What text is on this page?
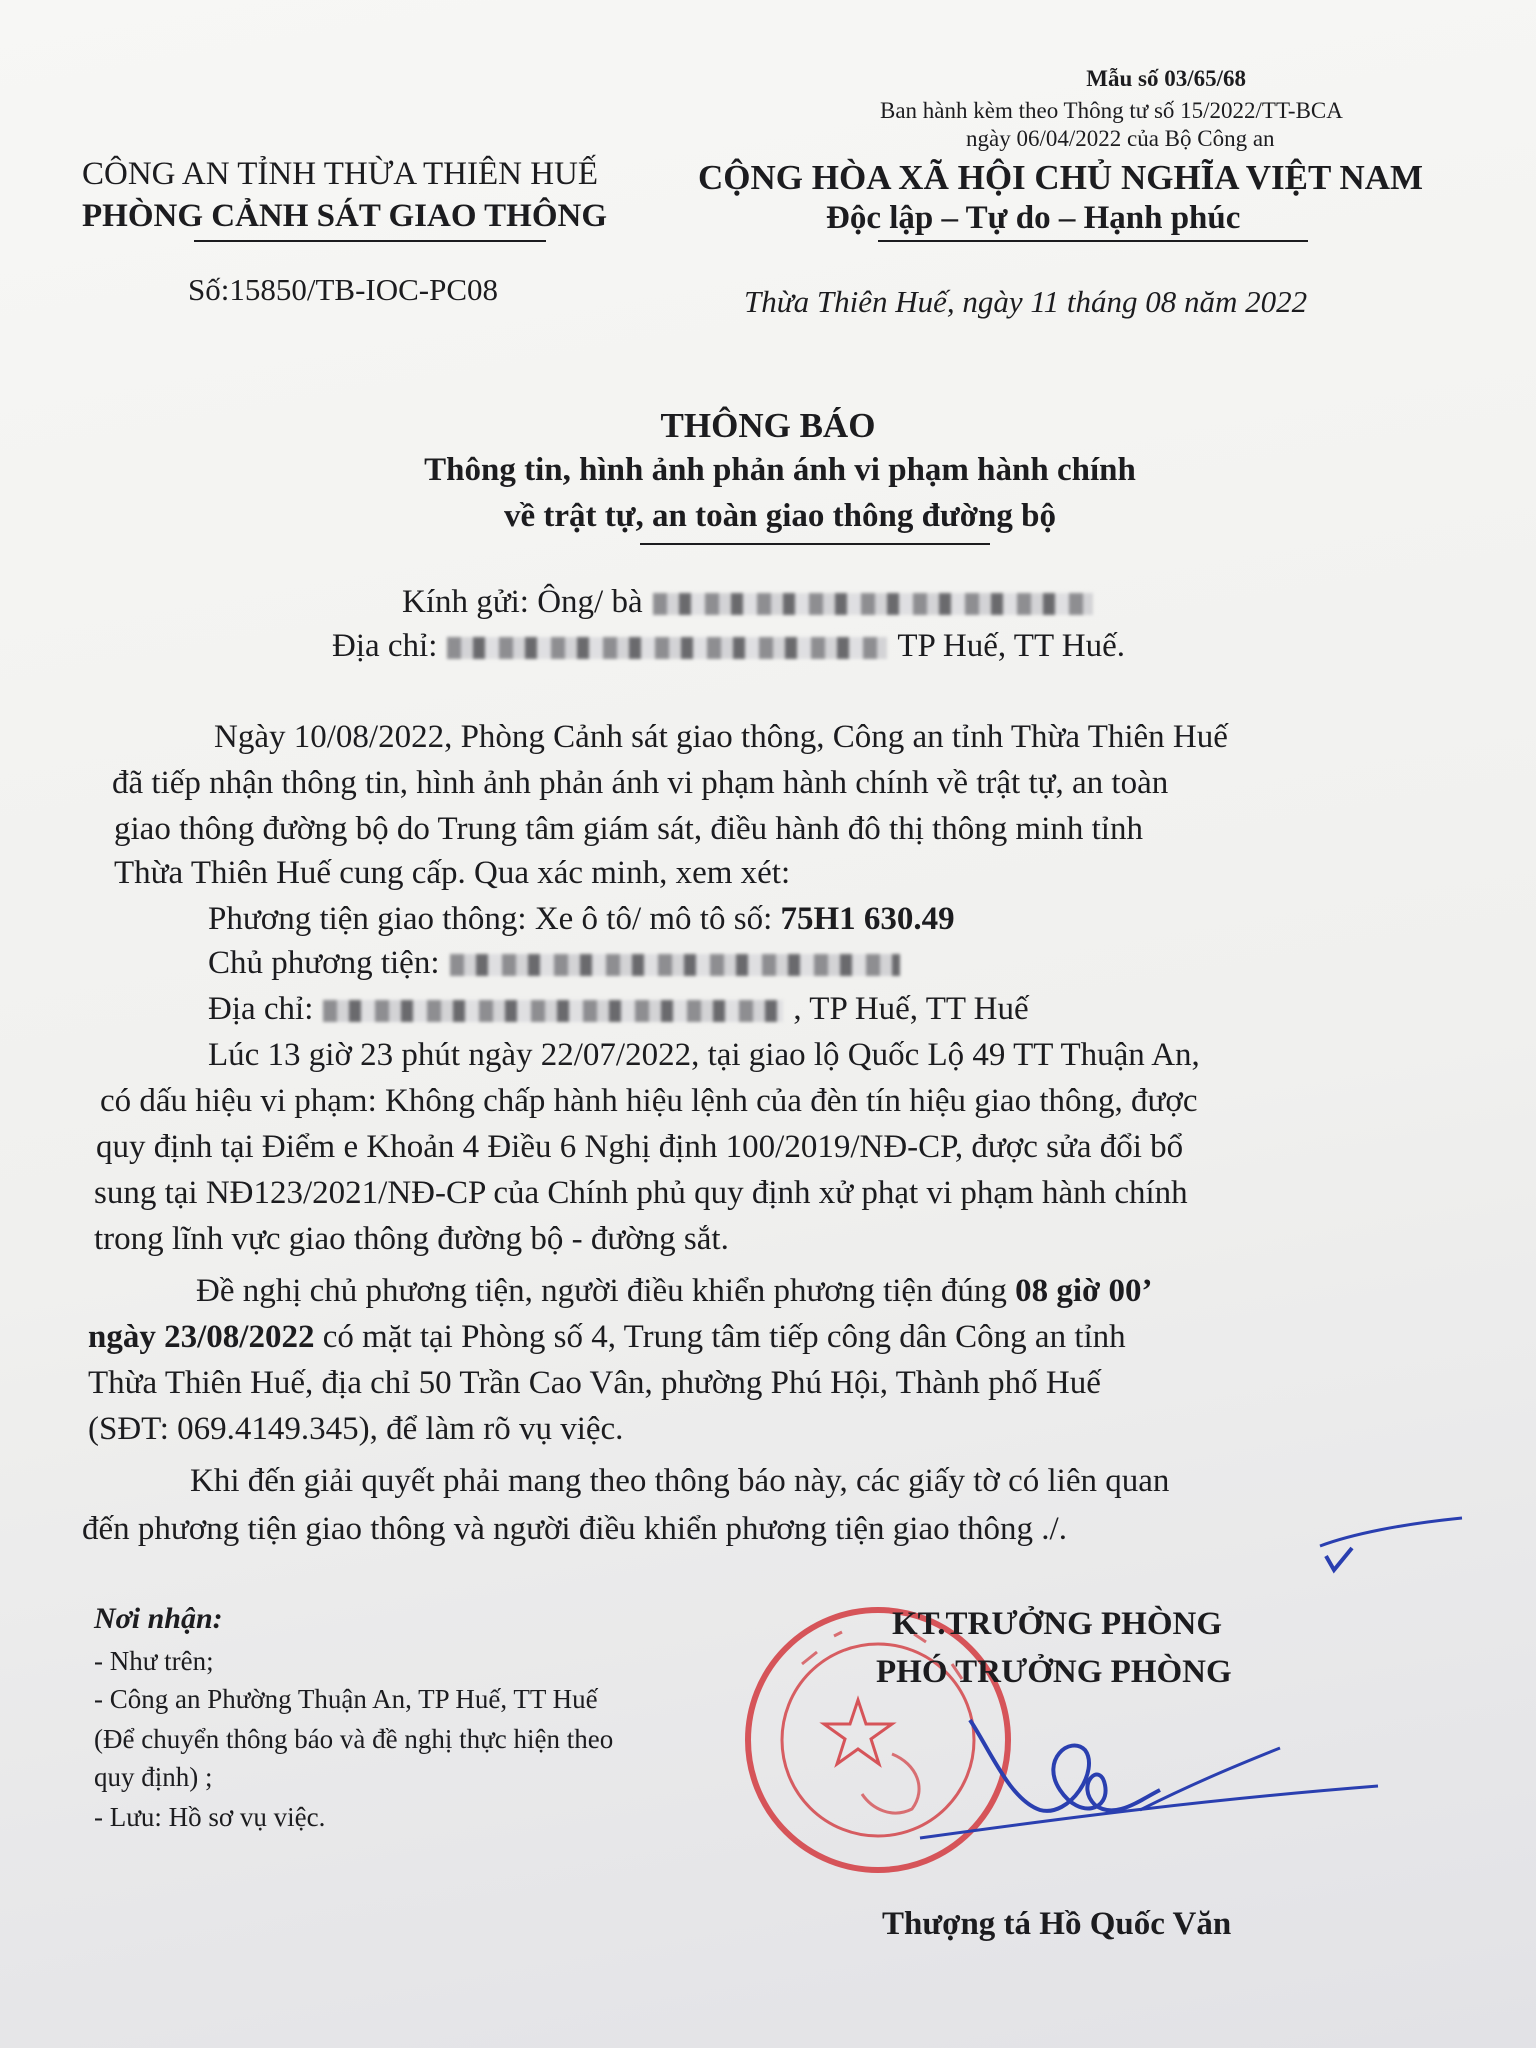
Mẫu số 03/65/68
Ban hành kèm theo Thông tư số 15/2022/TT-BCA
ngày 06/04/2022 của Bộ Công an
CÔNG AN TỈNH THỪA THIÊN HUẾ
PHÒNG CẢNH SÁT GIAO THÔNG
Số:15850/TB-IOC-PC08
CỘNG HÒA XÃ HỘI CHỦ NGHĨA VIỆT NAM
Độc lập – Tự do – Hạnh phúc
Thừa Thiên Huế, ngày 11 tháng 08 năm 2022
THÔNG BÁO
Thông tin, hình ảnh phản ánh vi phạm hành chính
về trật tự, an toàn giao thông đường bộ
Kính gửi: Ông/ bà
Địa chỉ:	TP Huế, TT Huế.
Ngày 10/08/2022, Phòng Cảnh sát giao thông, Công an tỉnh Thừa Thiên Huế
đã tiếp nhận thông tin, hình ảnh phản ánh vi phạm hành chính về trật tự, an toàn
giao thông đường bộ do Trung tâm giám sát, điều hành đô thị thông minh tỉnh
Thừa Thiên Huế cung cấp. Qua xác minh, xem xét:
Phương tiện giao thông: Xe ô tô/ mô tô số: 75H1 630.49
Chủ phương tiện:
Địa chỉ:	, TP Huế, TT Huế
Lúc 13 giờ 23 phút ngày 22/07/2022, tại giao lộ Quốc Lộ 49 TT Thuận An,
có dấu hiệu vi phạm: Không chấp hành hiệu lệnh của đèn tín hiệu giao thông, được
quy định tại Điểm e Khoản 4 Điều 6 Nghị định 100/2019/NĐ-CP, được sửa đổi bổ
sung tại NĐ123/2021/NĐ-CP của Chính phủ quy định xử phạt vi phạm hành chính
trong lĩnh vực giao thông đường bộ - đường sắt.
Đề nghị chủ phương tiện, người điều khiển phương tiện đúng 08 giờ 00’
ngày 23/08/2022 có mặt tại Phòng số 4, Trung tâm tiếp công dân Công an tỉnh
Thừa Thiên Huế, địa chỉ 50 Trần Cao Vân, phường Phú Hội, Thành phố Huế
(SĐT: 069.4149.345), để làm rõ vụ việc.
Khi đến giải quyết phải mang theo thông báo này, các giấy tờ có liên quan
đến phương tiện giao thông và người điều khiển phương tiện giao thông ./.
Nơi nhận:
- Như trên;
- Công an Phường Thuận An, TP Huế, TT Huế
(Để chuyển thông báo và đề nghị thực hiện theo
quy định) ;
- Lưu: Hồ sơ vụ việc.
KT.TRƯỞNG PHÒNG
PHÓ TRƯỞNG PHÒNG
Thượng tá Hồ Quốc Văn
